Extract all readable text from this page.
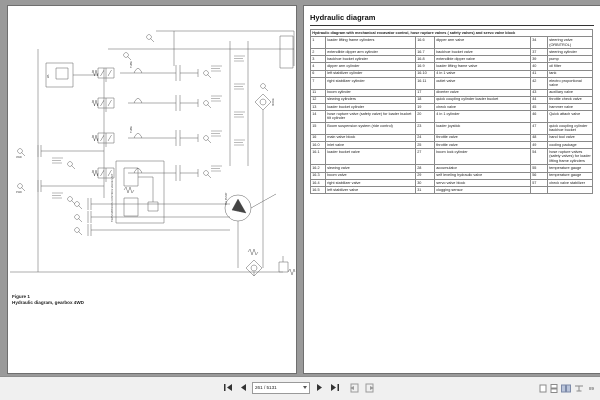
WL
TUBE
TUBE
MODE
4WD
FWD	TRANSMISSION CONTROL VALVE UNIT	OIL PUMP
Figure 1
Hydraulic diagram, gearbox 4WD
Hydraulic diagram
Hydraulic diagram with mechanical excavator control, hose rupture valves ( safety valves) and servo valve block					
1	loader lifting frame cylinders	16.6	dipper arm valve	34	steering valve (ORBITROL)
2	extendible dipper arm cylinder	16.7	backhoe bucket valve	37	steering cylinder
3	backhoe bucket cylinder	16.8	extendible dipper valve	39	pump
4	dipper arm cylinder	16.9	loader lifting frame valve	40	oil filter
6	left stabilizer cylinder	16.10	4 in 1 valve	41	tank
7	right stabilizer cylinder	16.11	outlet valve	42	electro proportional valve
11	boom cylinder	17	diverter valve	43	auxiliary valve
12	slewing cylinders	18	quick coupling cylinder loader bucket	44	throttle check valve
13	loader bucket cylinder	19	check valve	45	hammer valve
14	hose rupture valve (safety valve) for loader bucket tilt cylinder	20	4 in 1 cylinder	46	Quick attach valve
15	Boom suspension system (ride control)	23	loader joystick	47	quick coupling cylinder backhoe bucket
16	main valve block	24	throttle valve	48	hand tool valve
16.0	inlet valve	25	throttle valve	49	cooling package
16.1	loader bucket valve	27	boom lock cylinder	54	hose rupture valves (safety valves) for loader lifting frame cylinders
16.2	slewing valve	28	accumulator	55	temperature gauge
16.3	boom valve	29	self leveling hydraulic valve	56	temperature gauge
16.4	right stabilizer valve	30	servo valve block	57	check valve stabilizer
16.5	left stabilizer valve	31	clogging sensor		
261 / 5131	89
